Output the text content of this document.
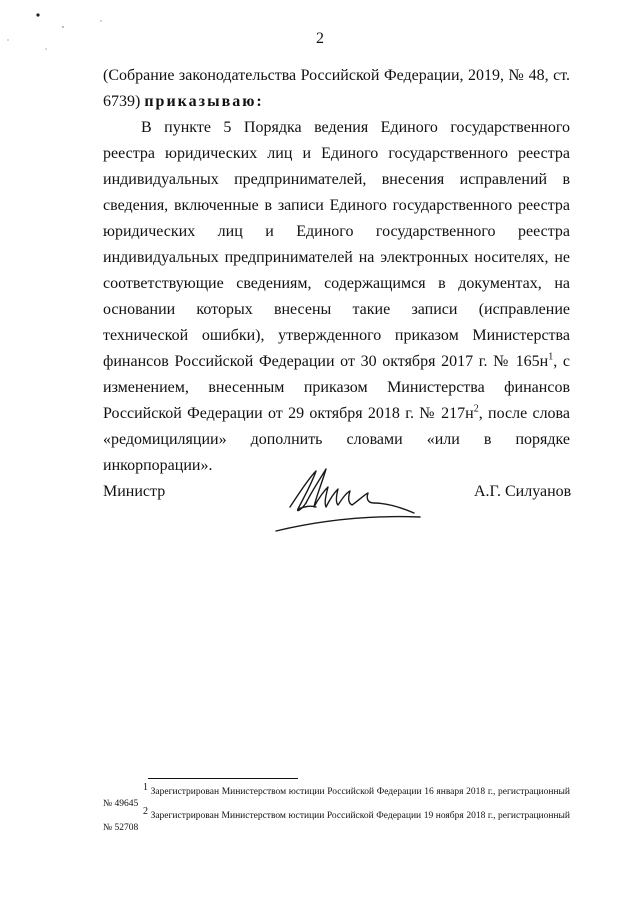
2

(Собрание законодательства Российской Федерации, 2019, № 48, ст. 6739) приказываю:

В пункте 5 Порядка ведения Единого государственного реестра юридических лиц и Единого государственного реестра индивидуальных предпринимателей, внесения исправлений в сведения, включенные в записи Единого государственного реестра юридических лиц и Единого государственного реестра индивидуальных предпринимателей на электронных носителях, не соответствующие сведениям, содержащимся в документах, на основании которых внесены такие записи (исправление технической ошибки), утвержденного приказом Министерства финансов Российской Федерации от 30 октября 2017 г. № $165н^1$, с изменением, внесенным приказом Министерства финансов Российской Федерации от 29 октября 2018 г. № $217н^2$, после слова «редомициляции» дополнить словами «или в порядке инкорпорации».

Министр	А.Г. Силуанов

$^1$ Зарегистрирован Министерством юстиции Российской Федерации 16 января 2018 г., регистрационный № 49645

$^2$ Зарегистрирован Министерством юстиции Российской Федерации 19 ноября 2018 г., регистрационный № 52708
